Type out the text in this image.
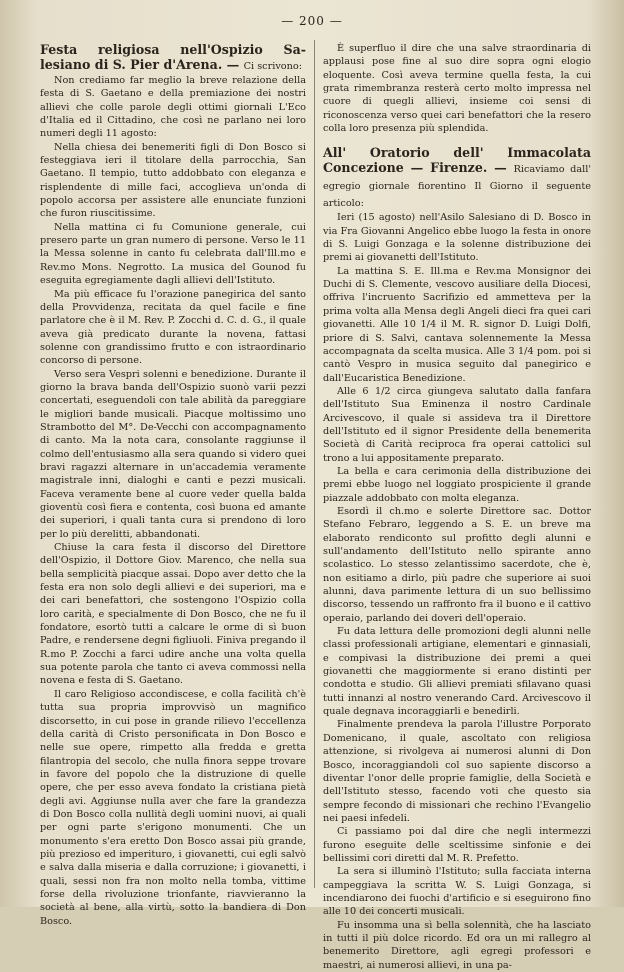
— 200 —
Festa religiosa nell'Ospizio Sa-lesiano di S. Pier d'Arena. — Ci scrivono:

Non crediamo far meglio la breve relazione della festa di S. Gaetano e della premiazione dei nostri allievi che colle parole degli ottimi giornali L'Eco d'Italia ed il Cittadino, che così ne parlano nei loro numeri degli 11 agosto:

Nella chiesa dei benemeriti figli di Don Bosco si festeggiava ieri il titolare della parrocchia, San Gaetano. Il tempio, tutto addobbato con eleganza e risplendente di mille faci, accoglieva un'onda di popolo accorsa per assistere alle enunciate funzioni che furon riuscitissime.

Nella mattina ci fu Comunione generale, cui presero parte un gran numero di persone. Verso le 11 la Messa solenne in canto fu celebrata dall'Ill.mo e Rev.mo Mons. Negrotto. La musica del Gounod fu eseguita egregiamente dagli allievi dell'Istituto.

Ma più efficace fu l'orazione panegirica del santo della Provvidenza, recitata da quel facile e fine parlatore che è il M. Rev. P. Zocchi d. C. d. G., il quale aveva già predicato durante la novena, fattasi solenne con grandissimo frutto e con istraordinario concorso di persone.

Verso sera Vespri solenni e benedizione. Durante il giorno la brava banda dell'Ospizio suonò varii pezzi concertati, eseguendoli con tale abilità da pareggiare le migliori bande musicali. Piacque moltissimo uno Strambotto del M°. De-Vecchi con accompagnamento di canto. Ma la nota cara, consolante raggiunse il colmo dell'entusiasmo alla sera quando si videro quei bravi ragazzi alternare in un'accademia veramente magistrale inni, dialoghi e canti e pezzi musicali. Faceva veramente bene al cuore veder quella balda gioventù così fiera e contenta, così buona ed amante dei superiori, i quali tanta cura si prendono di loro per lo più derelitti, abbandonati.

Chiuse la cara festa il discorso del Direttore dell'Ospizio, il Dottore Giov. Marenco, che nella sua bella semplicità piacque assai. Dopo aver detto che la festa era non solo degli allievi e dei superiori, ma e dei cari benefattori, che sostengono l'Ospizio colla loro carità, e specialmente di Don Bosco, che ne fu il fondatore, esortò tutti a calcare le orme di sì buon Padre, e rendersene degni figliuoli. Finiva pregando il R.mo P. Zocchi a farci udire anche una volta quella sua potente parola che tanto ci aveva commossi nella novena e festa di S. Gaetano.

Il caro Religioso accondiscese, e colla facilità ch'è tutta sua propria improvvisò un magnifico discorsetto, in cui pose in grande rilievo l'eccellenza della carità di Cristo personificata in Don Bosco e nelle sue opere, rimpetto alla fredda e gretta filantropia del secolo, che nulla finora seppe trovare in favore del popolo che la distruzione di quelle opere, che per esso aveva fondato la cristiana pietà degli avi. Aggiunse nulla aver che fare la grandezza di Don Bosco colla nullità degli uomini nuovi, ai quali per ogni parte s'erigono monumenti. Che un monumento s'era eretto Don Bosco assai più grande, più prezioso ed imperituro, i giovanetti, cui egli salvò e salva dalla miseria e dalla corruzione; i giovanetti, i quali, sessi non fra non molto nella tomba, vittime forse della rivoluzione trionfante, riavvieranno la società al bene, alla virtù, sotto la bandiera di Don Bosco.

È superfluo il dire che una salve straordinaria di applausi pose fine al suo dire sopra ogni elogio eloquente. Così aveva termine quella festa, la cui grata rimembranza resterà certo molto impressa nel cuore di quegli allievi, insieme coi sensi di riconoscenza verso quei cari benefattori che la resero colla loro presenza più splendida.

All' Oratorio dell' Immacolata Concezione — Firenze. — Ricaviamo dall' egregio giornale fiorentino Il Giorno il seguente articolo:

Ieri (15 agosto) nell'Asilo Salesiano di D. Bosco in via Fra Giovanni Angelico ebbe luogo la festa in onore di S. Luigi Gonzaga e la solenne distribuzione dei premi ai giovanetti dell'Istituto.

La mattina S. E. Ill.ma e Rev.ma Monsignor dei Duchi di S. Clemente, vescovo ausiliare della Diocesi, offriva l'incruento Sacrifizio ed ammetteva per la prima volta alla Mensa degli Angeli dieci fra quei cari giovanetti. Alle 10 1/4 il M. R. signor D. Luigi Dolfi, priore di S. Salvi, cantava solennemente la Messa accompagnata da scelta musica. Alle 3 1/4 pom. poi si cantò Vespro in musica seguito dal panegirico e dall'Eucaristica Benedizione.

Alle 6 1/2 circa giungeva salutato dalla fanfara dell'Istituto Sua Eminenza il nostro Cardinale Arcivescovo, il quale si assideva tra il Direttore dell'Istituto ed il signor Presidente della benemerita Società di Carità reciproca fra operai cattolici sul trono a lui appositamente preparato.

La bella e cara cerimonia della distribuzione dei premi ebbe luogo nel loggiato prospiciente il grande piazzale addobbato con molta eleganza.

Esordì il ch.mo e solerte Direttore sac. Dottor Stefano Febraro, leggendo a S. E. un breve ma elaborato rendiconto sul profitto degli alunni e sull'andamento dell'Istituto nello spirante anno scolastico. Lo stesso zelantissimo sacerdote, che è, non esitiamo a dirlo, più padre che superiore ai suoi alunni, dava parimente lettura di un suo bellissimo discorso, tessendo un raffronto fra il buono e il cattivo operaio, parlando dei doveri dell'operaio.

Fu data lettura delle promozioni degli alunni nelle classi professionali artigiane, elementari e ginnasiali, e compivasi la distribuzione dei premi a quei giovanetti che maggiormente si erano distinti per condotta e studio. Gli allievi premiati sfilavano quasi tutti innanzi al nostro venerando Card. Arcivescovo il quale degnava incoraggiarli e benedirli.

Finalmente prendeva la parola l'illustre Porporato Domenicano, il quale, ascoltato con religiosa attenzione, si rivolgeva ai numerosi alunni di Don Bosco, incoraggiandoli col suo sapiente discorso a diventar l'onor delle proprie famiglie, della Società e dell'Istituto stesso, facendo voti che questo sia sempre fecondo di missionari che rechino l'Evangelio nei paesi infedeli.

Ci passiamo poi dal dire che negli intermezzi furono eseguite delle scelti​ssime sinfonie e dei bellissimi cori diretti dal M. R. Prefetto.

La sera si illuminò l'Istituto; sulla facciata interna campeggiava la scritta W. S. Luigi Gonzaga, si incendiarono dei fuochi d'artificio e si eseguirono fino alle 10 dei concerti musicali.

Fu insomma una sì bella solennità, che ha lasciato in tutti il più dolce ricordo. Ed ora un mi rallegro al benemerito Direttore, agli egregi professori e maestri, ai numerosi allievi, in una pa-
